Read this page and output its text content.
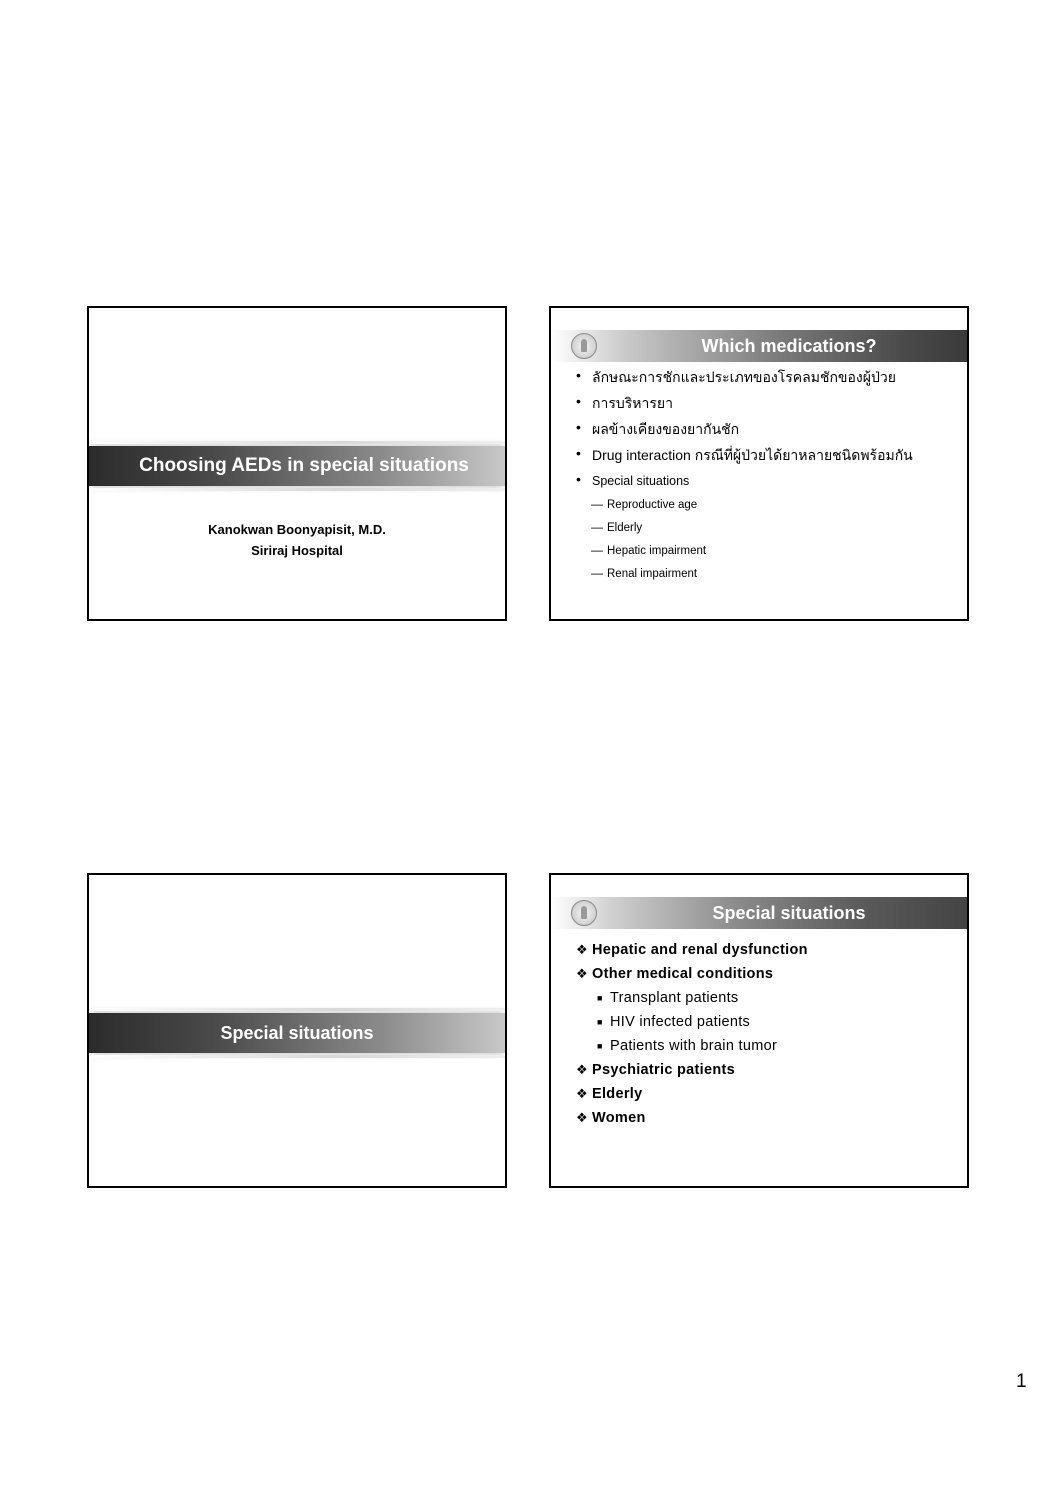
Choosing AEDs in special situations
Kanokwan Boonyapisit, M.D.
Siriraj Hospital
Which medications?
• ลักษณะการชักและประเภทของโรคลมชักของผู้ป่วย
• การบริหารยา
• ผลข้างเคียงของยากันชัก
• Drug interaction กรณีที่ผู้ป่วยได้ยาหลายชนิดพร้อมกัน
• Special situations
— Reproductive age
— Elderly
— Hepatic impairment
— Renal impairment
Special situations
Special situations
❖ Hepatic and renal dysfunction
❖ Other medical conditions
■ Transplant patients
■ HIV infected patients
■ Patients with brain tumor
❖ Psychiatric patients
❖ Elderly
❖ Women
1
